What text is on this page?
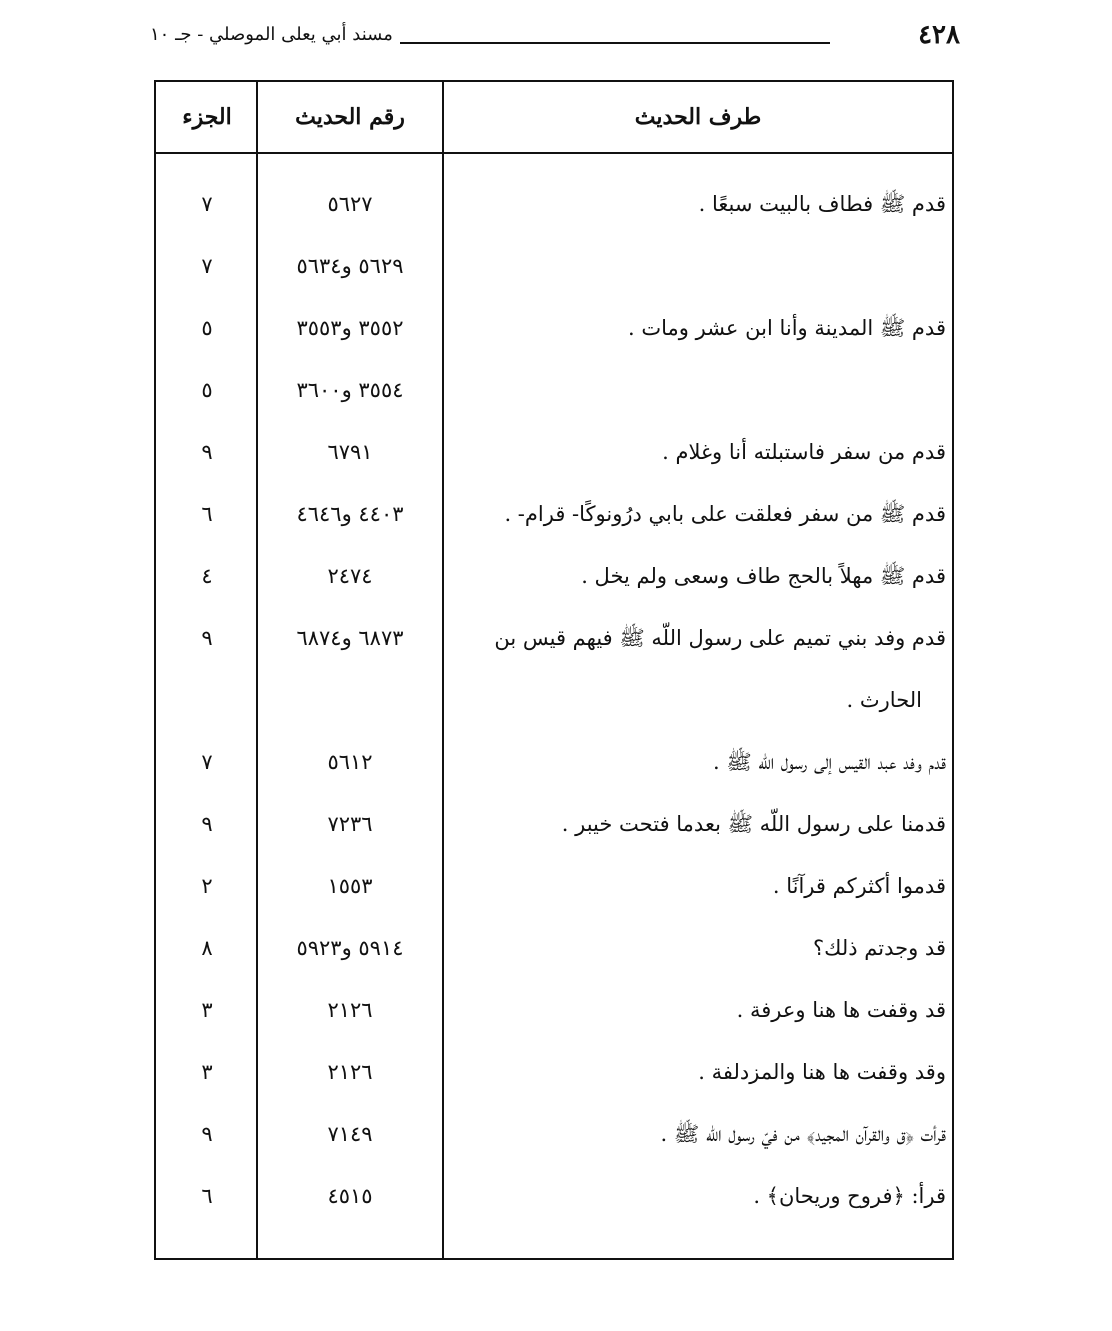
٤٢٨
مسند أبي يعلى الموصلي - جـ ١٠
الجزء	رقم الحديث	طرف الحديث
٧	٥٦٢٧	قدم ﷺ فطاف بالبيت سبعًا .
٧	٥٦٢٩ و٥٦٣٤
٥	٣٥٥٢ و٣٥٥٣	قدم ﷺ المدينة وأنا ابن عشر ومات .
٥	٣٥٥٤ و٣٦٠٠
٩	٦٧٩١	قدم من سفر فاستبلته أنا وغلام .
٦	٤٤٠٣ و٤٦٤٦	قدم ﷺ من سفر فعلقت على بابي درُونوكًا- قرام- .
٤	٢٤٧٤	قدم ﷺ مهلاً بالحج طاف وسعى ولم يخل .
٩	٦٨٧٣ و٦٨٧٤	قدم وفد بني تميم على رسول اللّه ﷺ فيهم قيس بن
الحارث .
٧	٥٦١٢	قدم وفد عبد القيس إلى رسول اللّه ﷺ .
٩	٧٢٣٦	قدمنا على رسول اللّه ﷺ بعدما فتحت خيبر .
٢	١٥٥٣	قدموا أكثركم قرآنًا .
٨	٥٩١٤ و٥٩٢٣	قد وجدتم ذلك؟
٣	٢١٢٦	قد وقفت ها هنا وعرفة .
٣	٢١٢٦	وقد وقفت ها هنا والمزدلفة .
٩	٧١٤٩	قرأت ﴿ق والقرآن المجيد﴾ من فيّ رسول اللّه ﷺ .
٦	٤٥١٥	قرأ: ﴿فروح وريحان﴾ .
